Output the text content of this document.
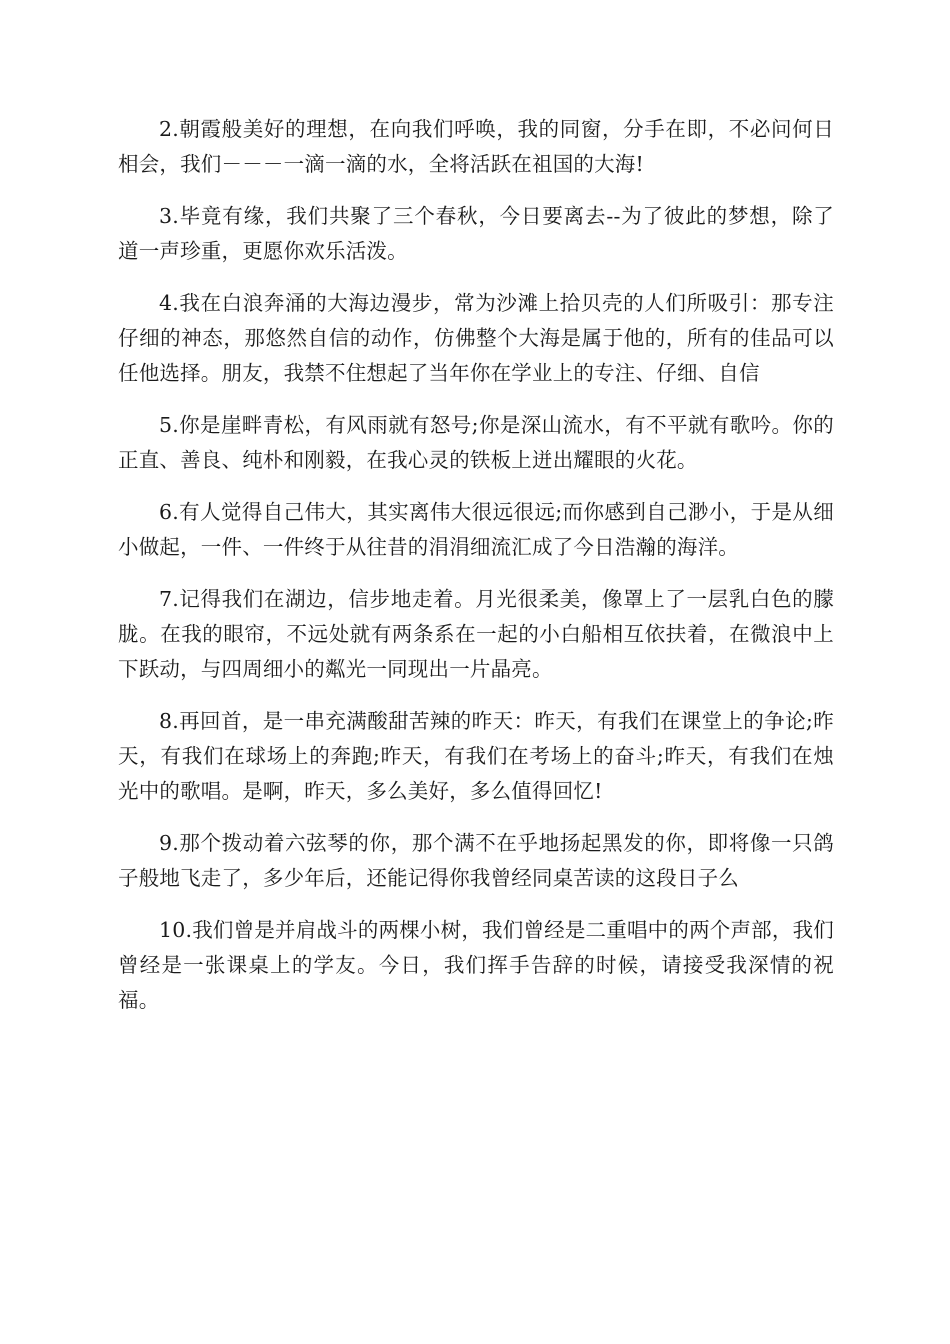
2.朝霞般美好的理想，在向我们呼唤，我的同窗，分手在即，不必问何日相会，我们－－－一滴一滴的水，全将活跃在祖国的大海!

3.毕竟有缘，我们共聚了三个春秋，今日要离去--为了彼此的梦想，除了道一声珍重，更愿你欢乐活泼。

4.我在白浪奔涌的大海边漫步，常为沙滩上拾贝壳的人们所吸引：那专注仔细的神态，那悠然自信的动作，仿佛整个大海是属于他的，所有的佳品可以任他选择。朋友，我禁不住想起了当年你在学业上的专注、仔细、自信

5.你是崖畔青松，有风雨就有怒号;你是深山流水，有不平就有歌吟。你的正直、善良、纯朴和刚毅，在我心灵的铁板上迸出耀眼的火花。

6.有人觉得自己伟大，其实离伟大很远很远;而你感到自己渺小，于是从细小做起，一件、一件终于从往昔的涓涓细流汇成了今日浩瀚的海洋。

7.记得我们在湖边，信步地走着。月光很柔美，像罩上了一层乳白色的朦胧。在我的眼帘，不远处就有两条系在一起的小白船相互依扶着，在微浪中上下跃动，与四周细小的粼光一同现出一片晶亮。

8.再回首，是一串充满酸甜苦辣的昨天：昨天，有我们在课堂上的争论;昨天，有我们在球场上的奔跑;昨天，有我们在考场上的奋斗;昨天，有我们在烛光中的歌唱。是啊，昨天，多么美好，多么值得回忆!

9.那个拨动着六弦琴的你，那个满不在乎地扬起黑发的你，即将像一只鸽子般地飞走了，多少年后，还能记得你我曾经同桌苦读的这段日子么

10.我们曾是并肩战斗的两棵小树，我们曾经是二重唱中的两个声部，我们曾经是一张课桌上的学友。今日，我们挥手告辞的时候，请接受我深情的祝福。
